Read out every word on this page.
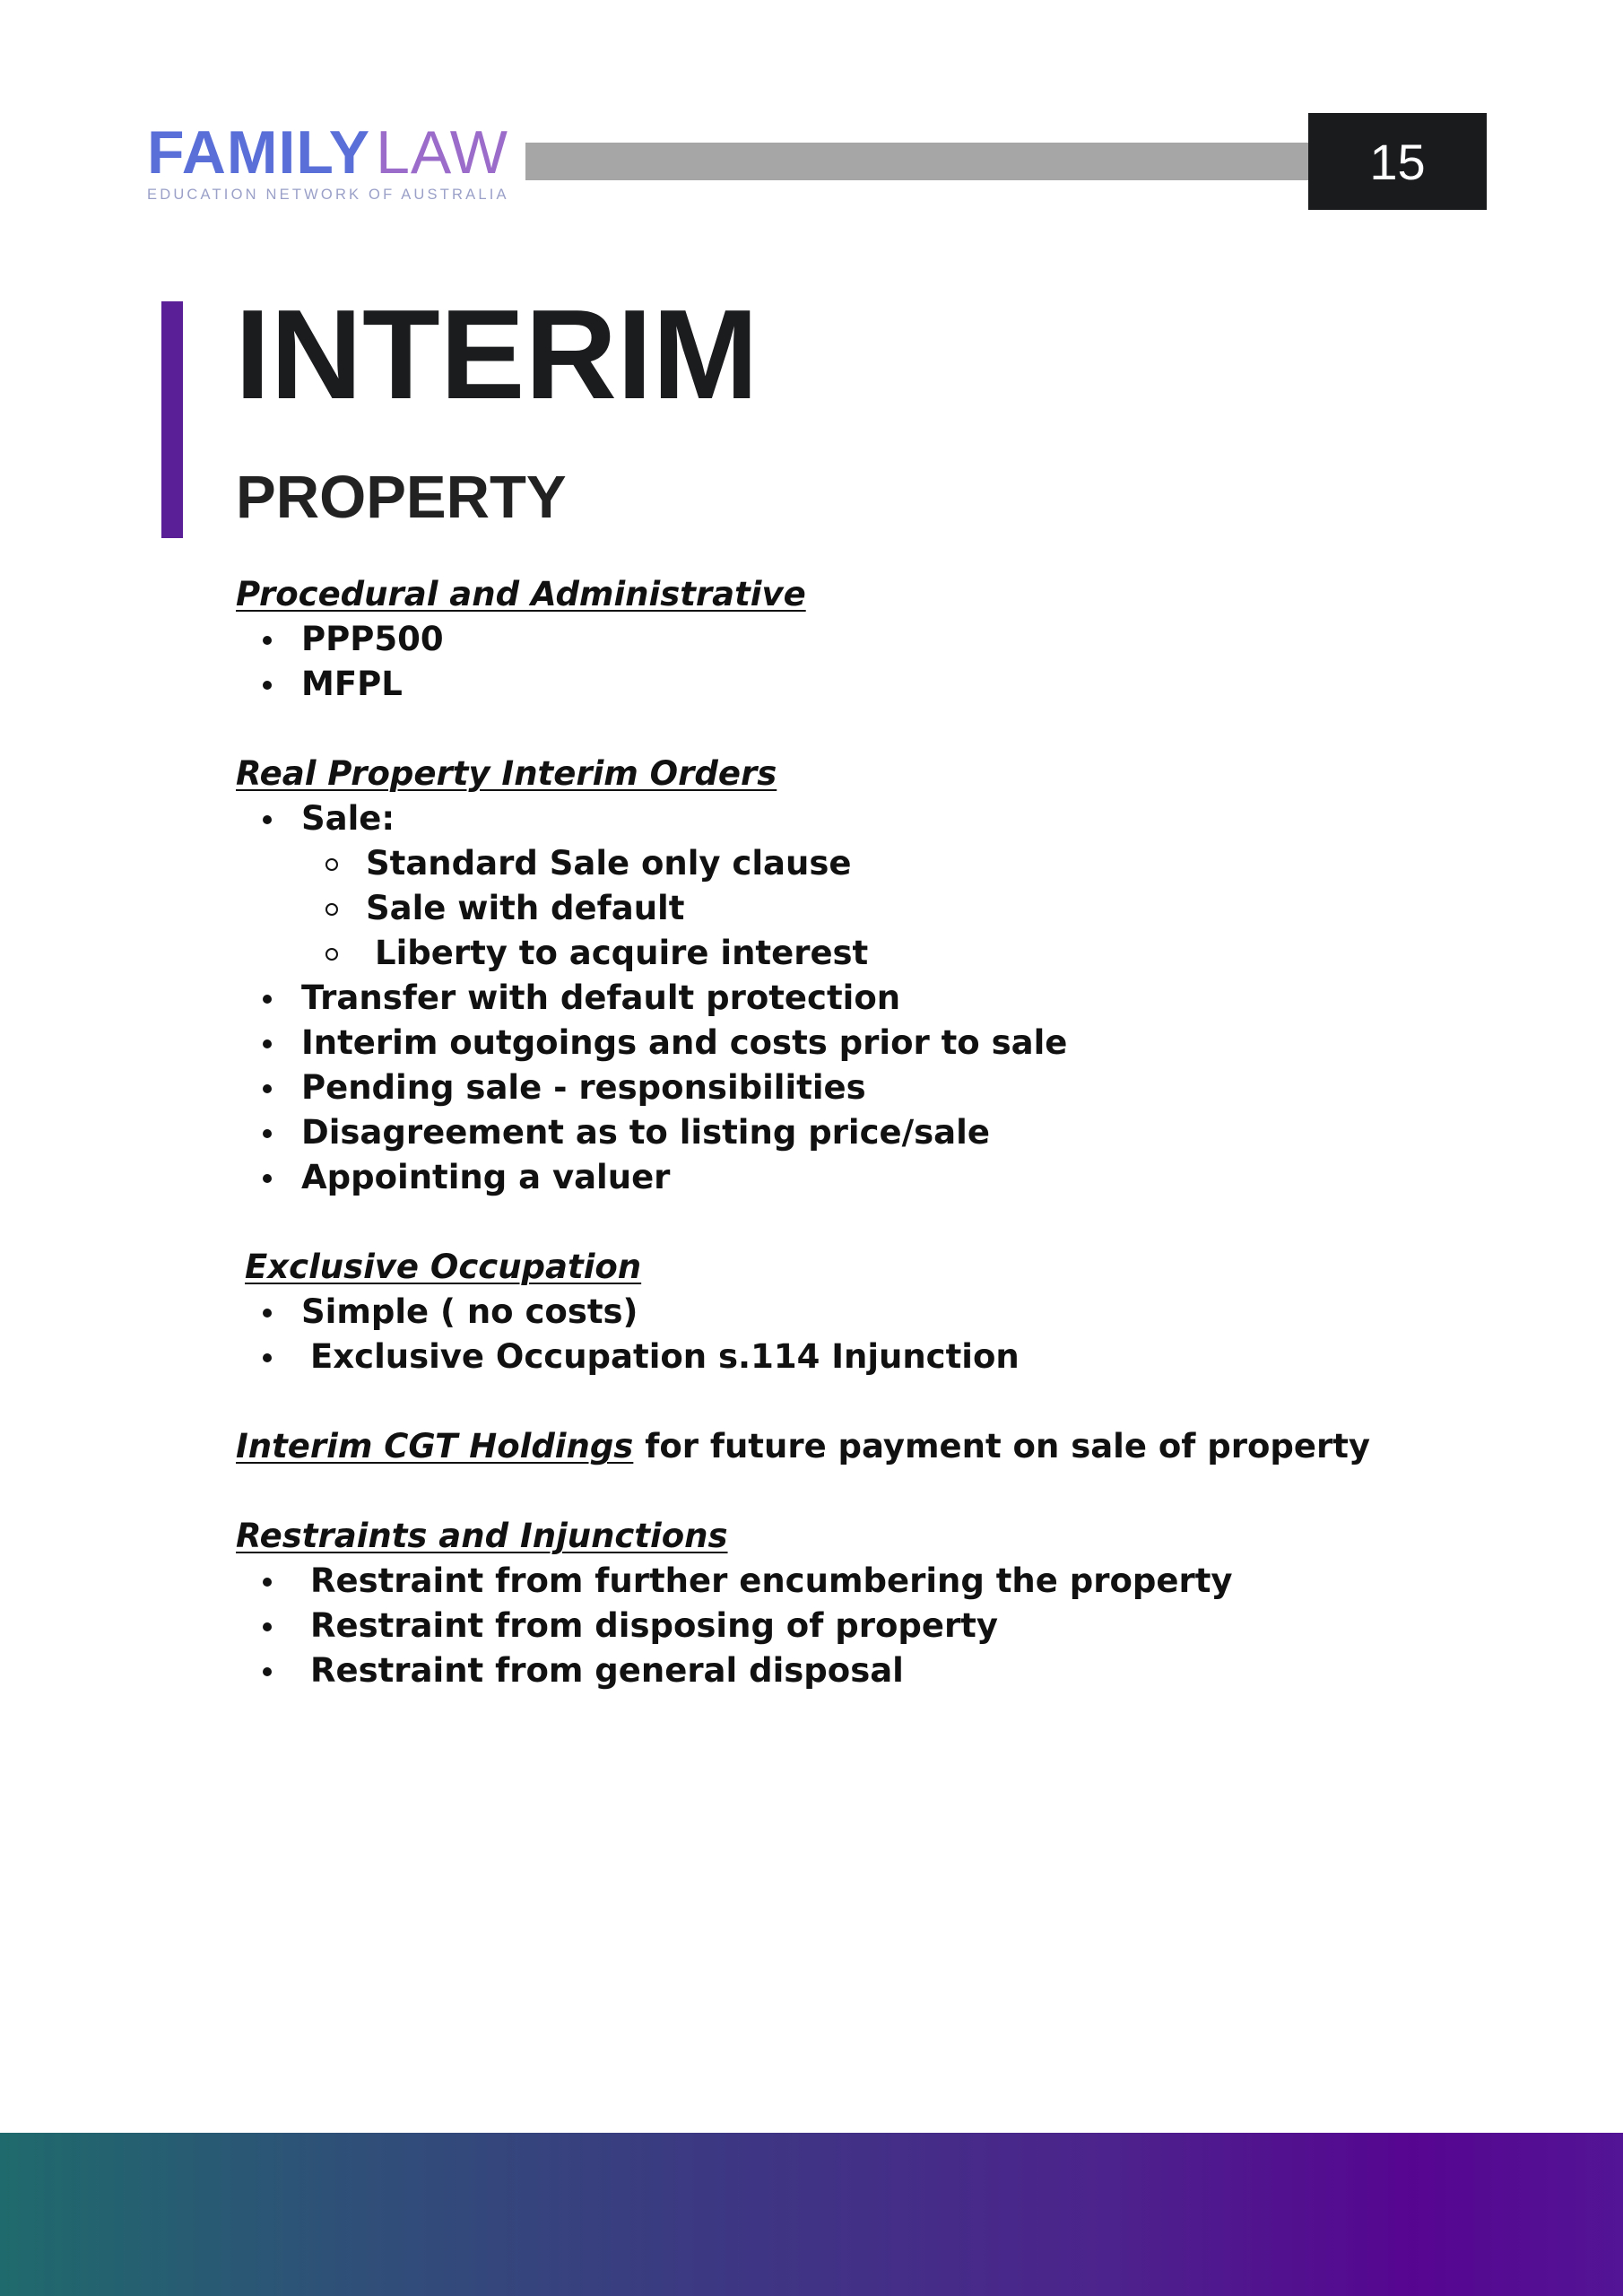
FAMILYLAW
EDUCATION NETWORK OF AUSTRALIA
15
INTERIM
PROPERTY
Procedural and Administrative
PPP500
MFPL
Real Property Interim Orders
Sale:
Standard Sale only clause
Sale with default
Liberty to acquire interest
Transfer with default protection
Interim outgoings and costs prior to sale
Pending sale - responsibilities
Disagreement as to listing price/sale
Appointing a valuer
Exclusive Occupation
Simple ( no costs)
Exclusive Occupation s.114 Injunction
Interim CGT Holdings for future payment on sale of property
Restraints and Injunctions
Restraint from further encumbering the property
Restraint from disposing of property
Restraint from general disposal
